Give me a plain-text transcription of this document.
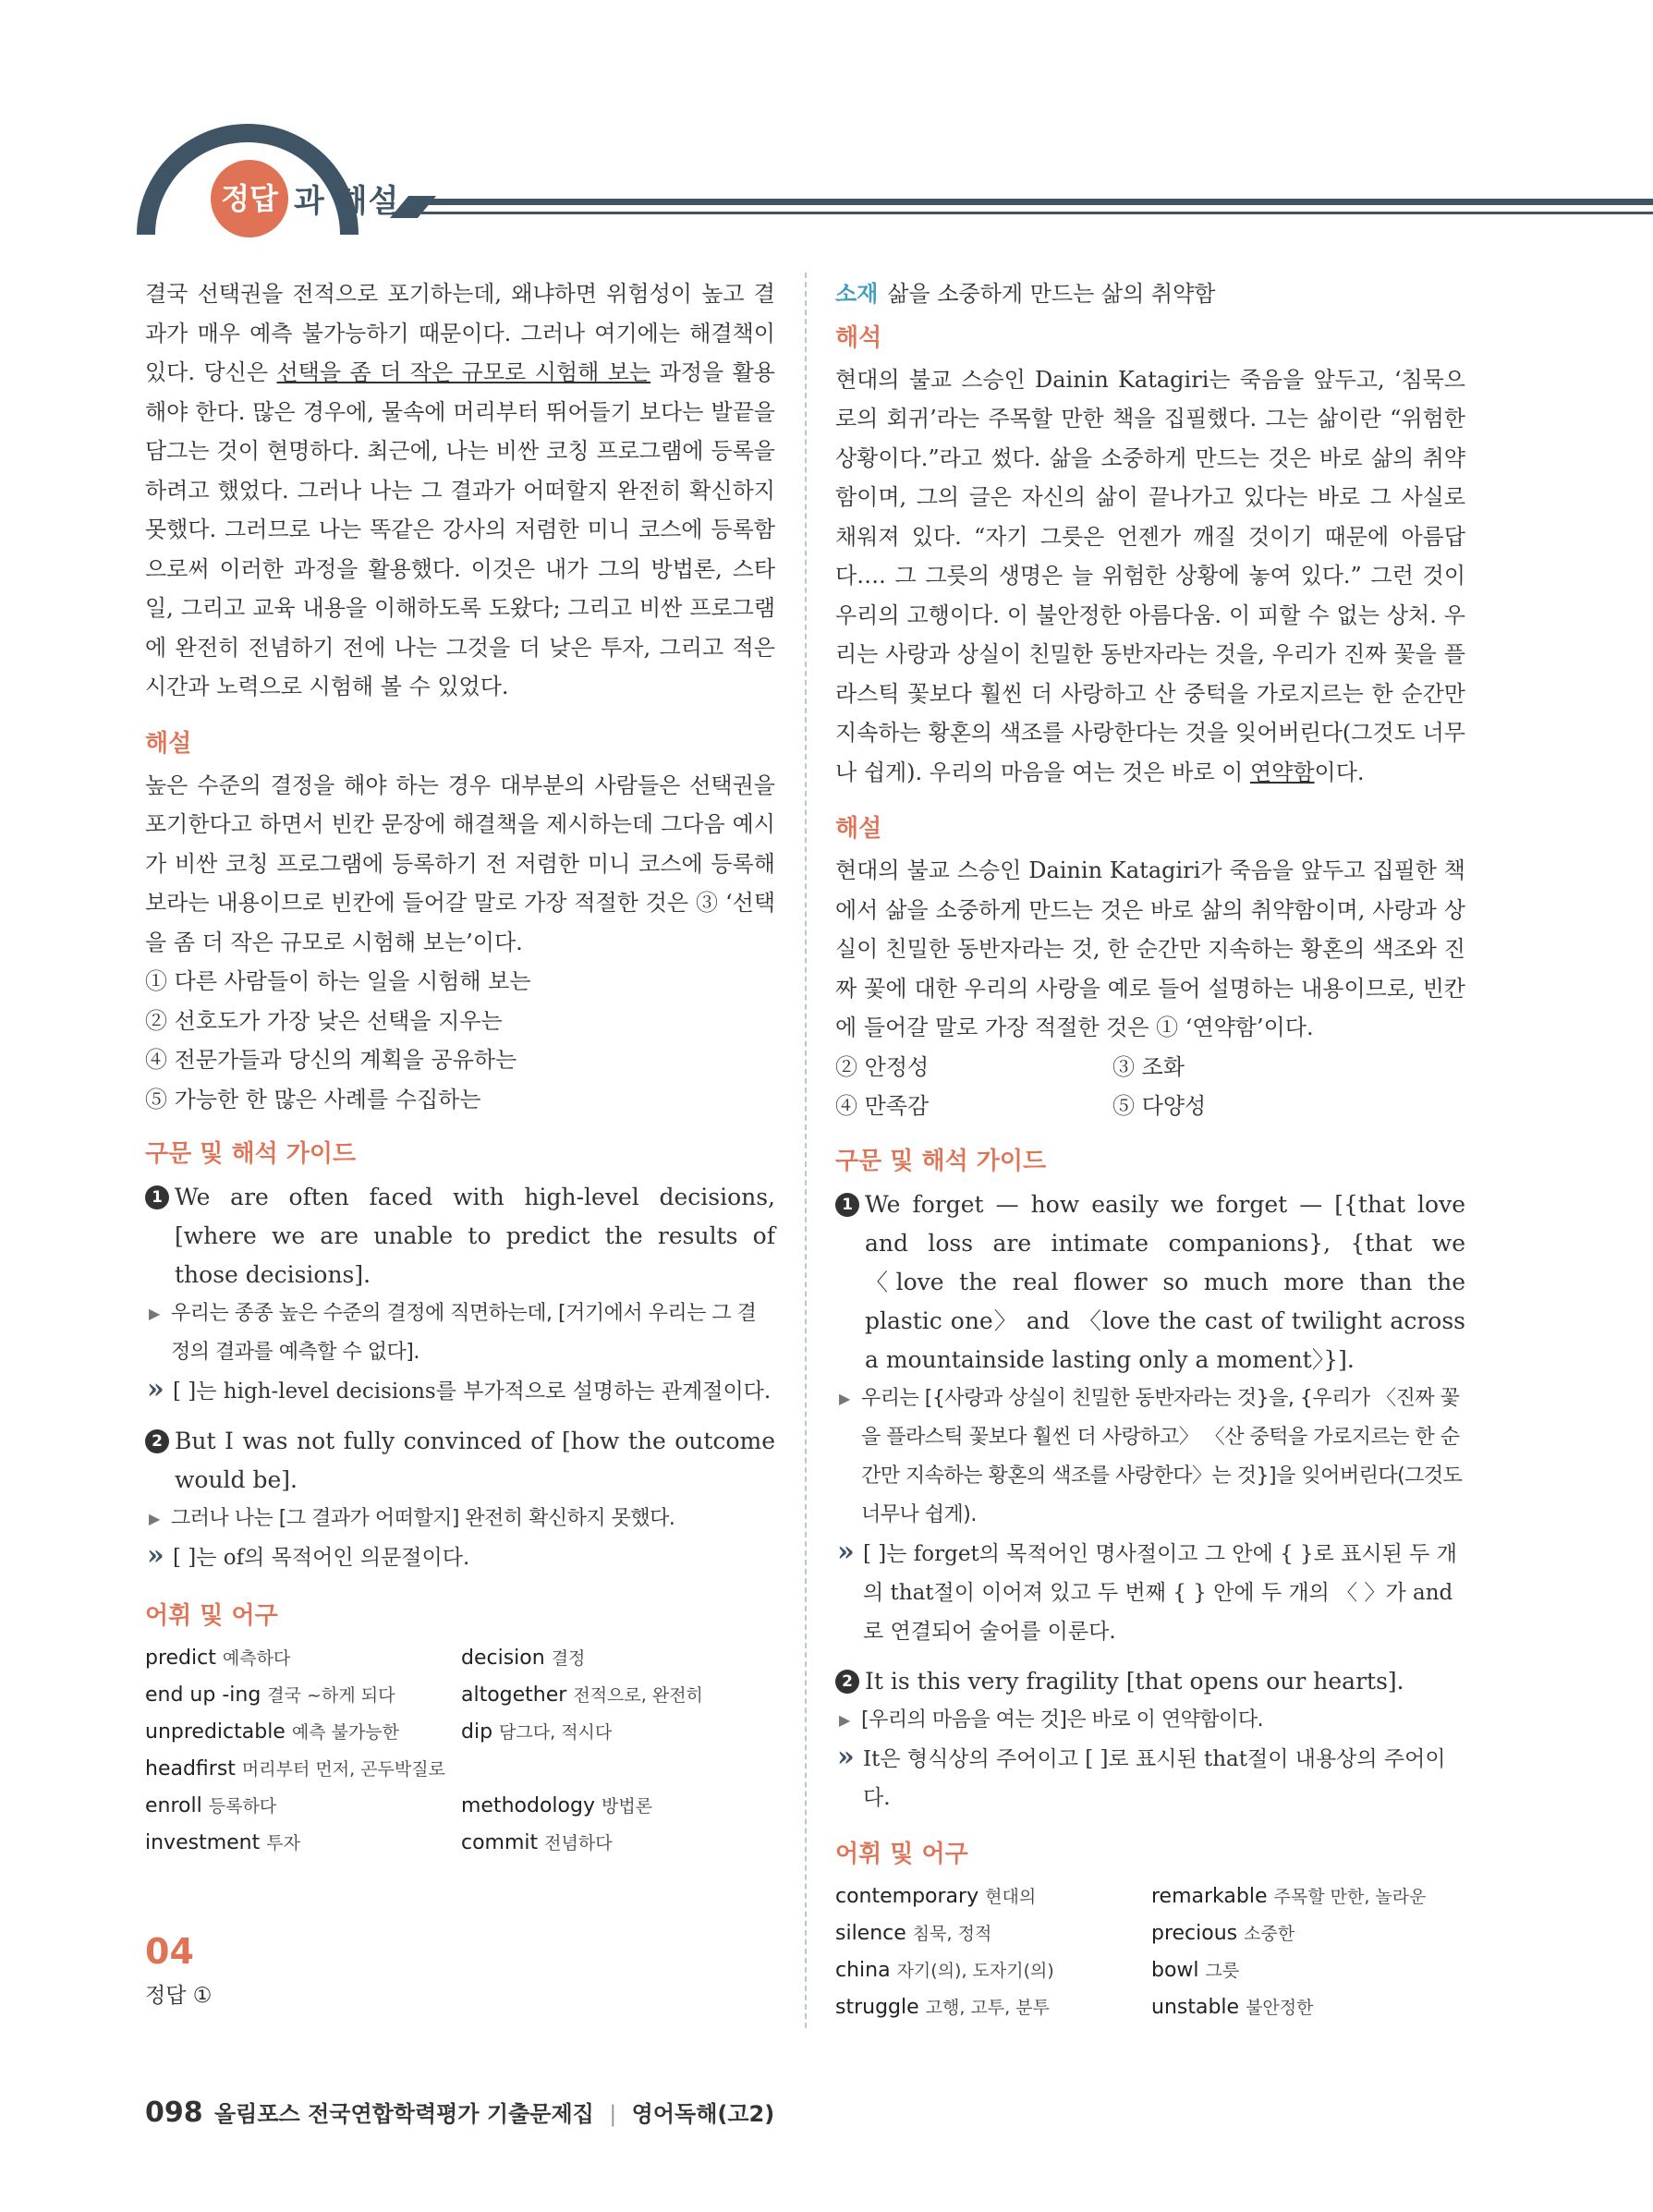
정답 과 해설

결국 선택권을 전적으로 포기하는데, 왜냐하면 위험성이 높고 결과가 매우 예측 불가능하기 때문이다. 그러나 여기에는 해결책이 있다. 당신은 선택을 좀 더 작은 규모로 시험해 보는 과정을 활용해야 한다. 많은 경우에, 물속에 머리부터 뛰어들기 보다는 발끝을 담그는 것이 현명하다. 최근에, 나는 비싼 코칭 프로그램에 등록을 하려고 했었다. 그러나 나는 그 결과가 어떠할지 완전히 확신하지 못했다. 그러므로 나는 똑같은 강사의 저렴한 미니 코스에 등록함으로써 이러한 과정을 활용했다. 이것은 내가 그의 방법론, 스타일, 그리고 교육 내용을 이해하도록 도왔다; 그리고 비싼 프로그램에 완전히 전념하기 전에 나는 그것을 더 낮은 투자, 그리고 적은 시간과 노력으로 시험해 볼 수 있었다.

해설

높은 수준의 결정을 해야 하는 경우 대부분의 사람들은 선택권을 포기한다고 하면서 빈칸 문장에 해결책을 제시하는데 그다음 예시가 비싼 코칭 프로그램에 등록하기 전 저렴한 미니 코스에 등록해 보라는 내용이므로 빈칸에 들어갈 말로 가장 적절한 것은 ③ ‘선택을 좀 더 작은 규모로 시험해 보는’이다.

① 다른 사람들이 하는 일을 시험해 보는
② 선호도가 가장 낮은 선택을 지우는
④ 전문가들과 당신의 계획을 공유하는
⑤ 가능한 한 많은 사례를 수집하는
구문 및 해석 가이드
1 We are often faced with high-level decisions, [where we are unable to predict the results of those decisions].

▶ 우리는 종종 높은 수준의 결정에 직면하는데, [거기에서 우리는 그 결정의 결과를 예측할 수 없다].
» [ ]는 high-level decisions를 부가적으로 설명하는 관계절이다.
2 But I was not fully convinced of [how the outcome would be].

▶ 그러나 나는 [그 결과가 어떠할지] 완전히 확신하지 못했다.
» [ ]는 of의 목적어인 의문절이다.
어휘 및 어구
predict 예측하다	decision 결정
end up -ing 결국 ~하게 되다	altogether 전적으로, 완전히
unpredictable 예측 불가능한	dip 담그다, 적시다
headfirst 머리부터 먼저, 곤두박질로
enroll 등록하다	methodology 방법론
investment 투자	commit 전념하다
04
정답 ①
소재 삶을 소중하게 만드는 삶의 취약함
해석

현대의 불교 스승인 Dainin Katagiri는 죽음을 앞두고, ‘침묵으로의 회귀’라는 주목할 만한 책을 집필했다. 그는 삶이란 “위험한 상황이다.”라고 썼다. 삶을 소중하게 만드는 것은 바로 삶의 취약함이며, 그의 글은 자신의 삶이 끝나가고 있다는 바로 그 사실로 채워져 있다. “자기 그릇은 언젠가 깨질 것이기 때문에 아름답다…. 그 그릇의 생명은 늘 위험한 상황에 놓여 있다.” 그런 것이 우리의 고행이다. 이 불안정한 아름다움. 이 피할 수 없는 상처. 우리는 사랑과 상실이 친밀한 동반자라는 것을, 우리가 진짜 꽃을 플라스틱 꽃보다 훨씬 더 사랑하고 산 중턱을 가로지르는 한 순간만 지속하는 황혼의 색조를 사랑한다는 것을 잊어버린다(그것도 너무나 쉽게). 우리의 마음을 여는 것은 바로 이 연약함이다.

해설

현대의 불교 스승인 Dainin Katagiri가 죽음을 앞두고 집필한 책에서 삶을 소중하게 만드는 것은 바로 삶의 취약함이며, 사랑과 상실이 친밀한 동반자라는 것, 한 순간만 지속하는 황혼의 색조와 진짜 꽃에 대한 우리의 사랑을 예로 들어 설명하는 내용이므로, 빈칸에 들어갈 말로 가장 적절한 것은 ① ‘연약함’이다.

② 안정성	③ 조화
④ 만족감	⑤ 다양성
구문 및 해석 가이드
1 We forget — how easily we forget — [{that love and loss are intimate companions}, {that we 〈love the real flower so much more than the plastic one〉 and 〈love the cast of twilight across a mountainside lasting only a moment〉}].

▶ 우리는 [{사랑과 상실이 친밀한 동반자라는 것}을, {우리가 〈진짜 꽃을 플라스틱 꽃보다 훨씬 더 사랑하고〉 〈산 중턱을 가로지르는 한 순간만 지속하는 황혼의 색조를 사랑한다〉는 것}]을 잊어버린다(그것도 너무나 쉽게).
» [ ]는 forget의 목적어인 명사절이고 그 안에 { }로 표시된 두 개의 that절이 이어져 있고 두 번째 { } 안에 두 개의 〈 〉가 and로 연결되어 술어를 이룬다.
2 It is this very fragility [that opens our hearts].

▶ [우리의 마음을 여는 것]은 바로 이 연약함이다.
» It은 형식상의 주어이고 [ ]로 표시된 that절이 내용상의 주어이다.
어휘 및 어구
contemporary 현대의	remarkable 주목할 만한, 놀라운
silence 침묵, 정적	precious 소중한
china 자기(의), 도자기(의)	bowl 그릇
struggle 고행, 고투, 분투	unstable 불안정한
098 올림포스 전국연합학력평가 기출문제집 | 영어독해(고2)
